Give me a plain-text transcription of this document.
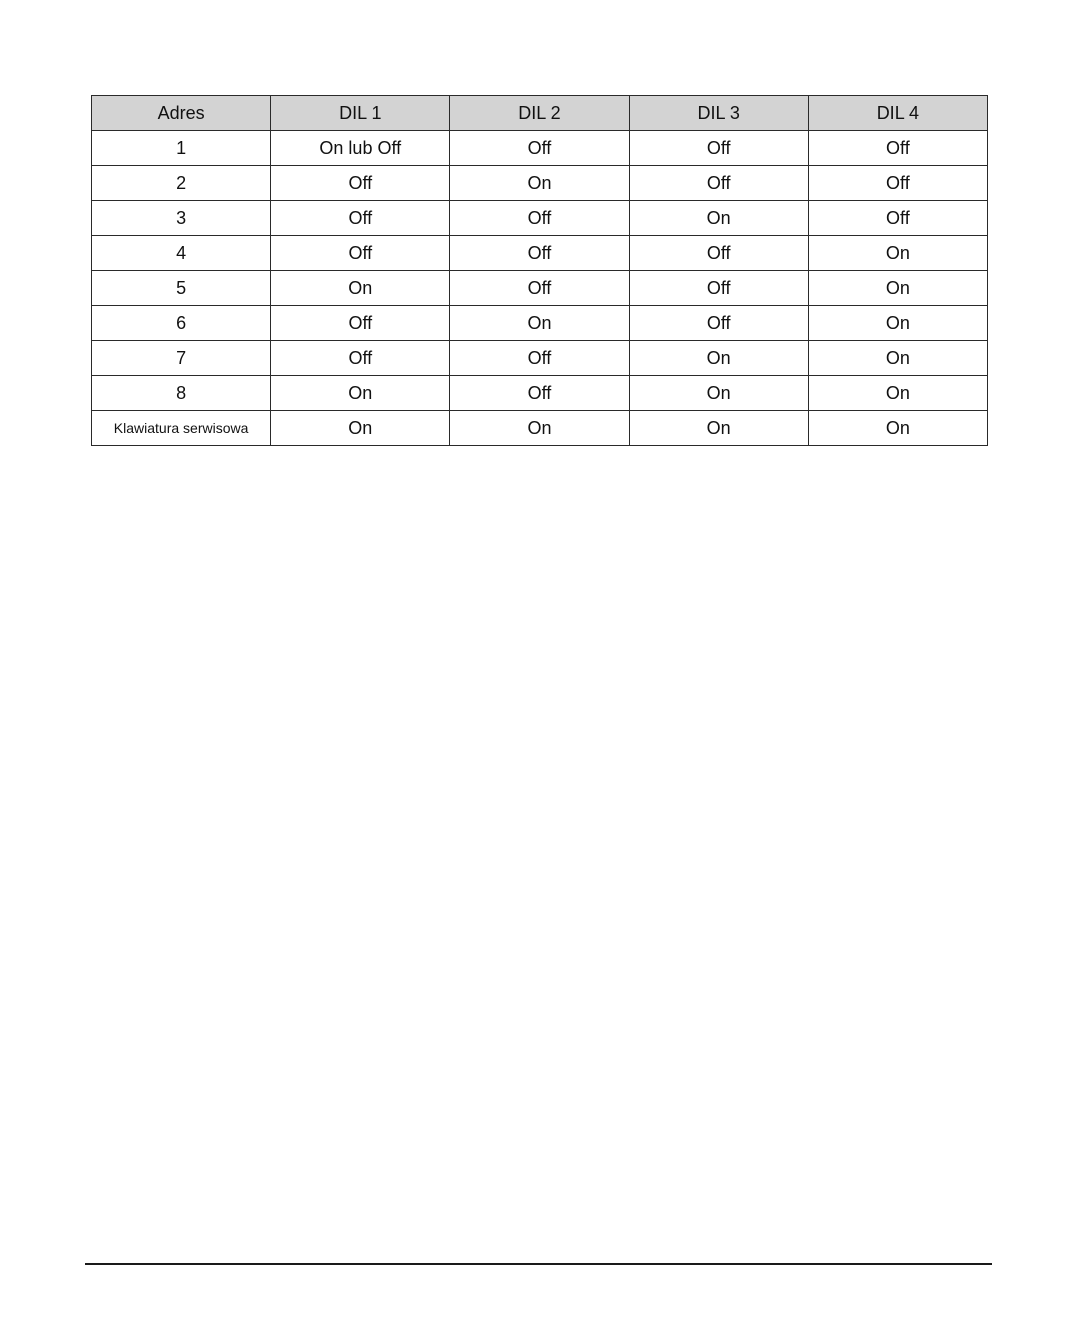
Adres	DIL 1	DIL 2	DIL 3	DIL 4
1	On lub Off	Off	Off	Off
2	Off	On	Off	Off
3	Off	Off	On	Off
4	Off	Off	Off	On
5	On	Off	Off	On
6	Off	On	Off	On
7	Off	Off	On	On
8	On	Off	On	On
Klawiatura serwisowa	On	On	On	On
